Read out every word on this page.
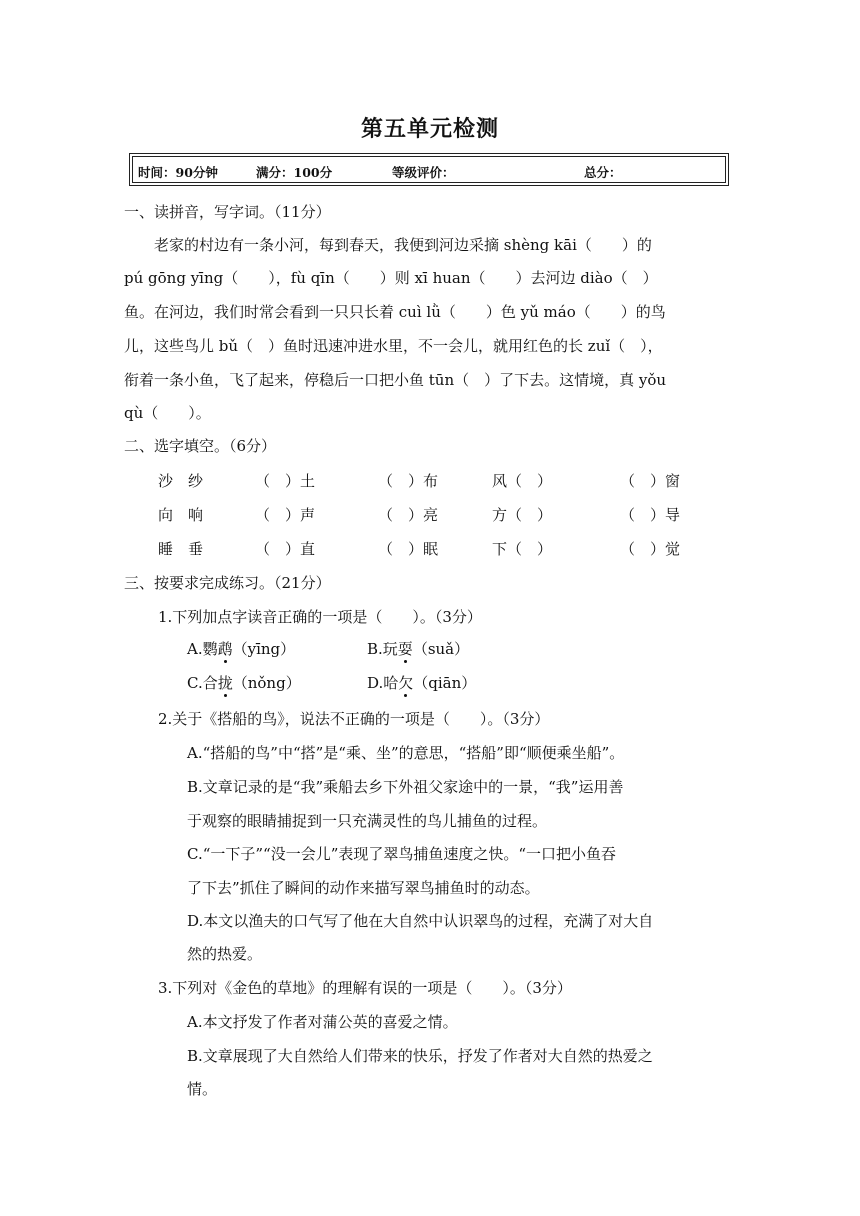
第五单元检测
时间：90分钟	满分：100分	等级评价：	总分：
一、读拼音，写字词。（11分）
　　老家的村边有一条小河，每到春天，我便到河边采摘 shèng kāi（　　）的
pú gōng yīng（　　），fù qīn（　　）则 xī huan（　　）去河边 diào（　）
鱼。在河边，我们时常会看到一只只长着 cuì lǜ（　　）色 yǔ máo（　　）的鸟
儿，这些鸟儿 bǔ（　）鱼时迅速冲进水里，不一会儿，就用红色的长 zuǐ（　），
衔着一条小鱼，飞了起来，停稳后一口把小鱼 tūn（　）了下去。这情境，真 yǒu
qù（　　）。
二、选字填空。（6分）
沙　纱	（　）土	（　）布	风（　）	（　）窗
向　响	（　）声	（　）亮	方（　）	（　）导
睡　垂	（　）直	（　）眠	下（　）	（　）觉
三、按要求完成练习。（21分）
1.下列加点字读音正确的一项是（　　）。（3分）
A.鹦鹉（yīng）	B.玩耍（suǎ）
C.合拢（nǒng）	D.哈欠（qiān）
2.关于《搭船的鸟》，说法不正确的一项是（　　）。（3分）
A.“搭船的鸟”中“搭”是“乘、坐”的意思，“搭船”即“顺便乘坐船”。
B.文章记录的是“我”乘船去乡下外祖父家途中的一景，“我”运用善
于观察的眼睛捕捉到一只充满灵性的鸟儿捕鱼的过程。
C.“一下子”“没一会儿”表现了翠鸟捕鱼速度之快。“一口把小鱼吞
了下去”抓住了瞬间的动作来描写翠鸟捕鱼时的动态。
D.本文以渔夫的口气写了他在大自然中认识翠鸟的过程，充满了对大自
然的热爱。
3.下列对《金色的草地》的理解有误的一项是（　　）。（3分）
A.本文抒发了作者对蒲公英的喜爱之情。
B.文章展现了大自然给人们带来的快乐，抒发了作者对大自然的热爱之
情。
